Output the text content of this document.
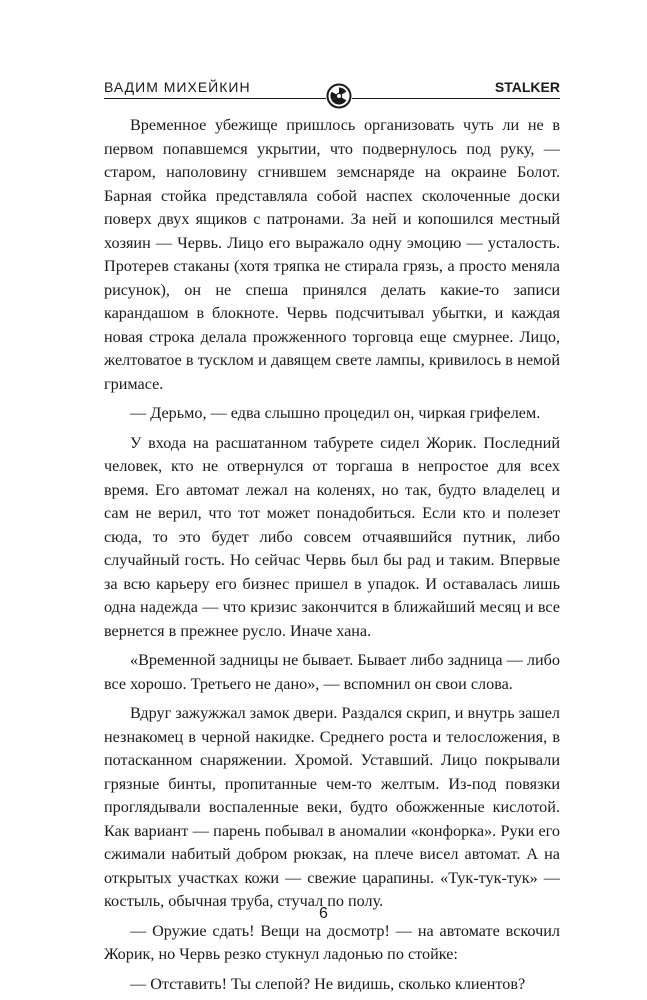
ВАДИМ МИХЕЙКИН	STALKER

Временное убежище пришлось организовать чуть ли не в первом попавшемся укрытии, что подвернулось под руку, — старом, наполовину сгнившем земснаряде на окраине Болот. Барная стойка представляла собой наспех сколоченные доски поверх двух ящиков с патронами. За ней и копошился местный хозяин — Червь. Лицо его выражало одну эмоцию — усталость. Протерев стаканы (хотя тряпка не стирала грязь, а просто меняла рисунок), он не спеша принялся делать какие-то записи карандашом в блокноте. Червь подсчитывал убытки, и каждая новая строка делала прожженного торговца еще смурнее. Лицо, желтоватое в тусклом и давящем свете лампы, кривилось в немой гримасе.

— Дерьмо, — едва слышно процедил он, чиркая грифелем.

У входа на расшатанном табурете сидел Жорик. Последний человек, кто не отвернулся от торгаша в непростое для всех время. Его автомат лежал на коленях, но так, будто владелец и сам не верил, что тот может понадобиться. Если кто и полезет сюда, то это будет либо совсем отчаявшийся путник, либо случайный гость. Но сейчас Червь был бы рад и таким. Впервые за всю карьеру его бизнес пришел в упадок. И оставалась лишь одна надежда — что кризис закончится в ближайший месяц и все вернется в прежнее русло. Иначе хана.

«Временной задницы не бывает. Бывает либо задница — либо все хорошо. Третьего не дано», — вспомнил он свои слова.

Вдруг зажужжал замок двери. Раздался скрип, и внутрь зашел незнакомец в черной накидке. Среднего роста и телосложения, в потасканном снаряжении. Хромой. Уставший. Лицо покрывали грязные бинты, пропитанные чем-то желтым. Из-под повязки проглядывали воспаленные веки, будто обожженные кислотой. Как вариант — парень побывал в аномалии «конфорка». Руки его сжимали набитый добром рюкзак, на плече висел автомат. А на открытых участках кожи — свежие царапины. «Тук-тук-тук» — костыль, обычная труба, стучал по полу.

— Оружие сдать! Вещи на досмотр! — на автомате вскочил Жорик, но Червь резко стукнул ладонью по стойке:

— Отставить! Ты слепой? Не видишь, сколько клиентов?

6
